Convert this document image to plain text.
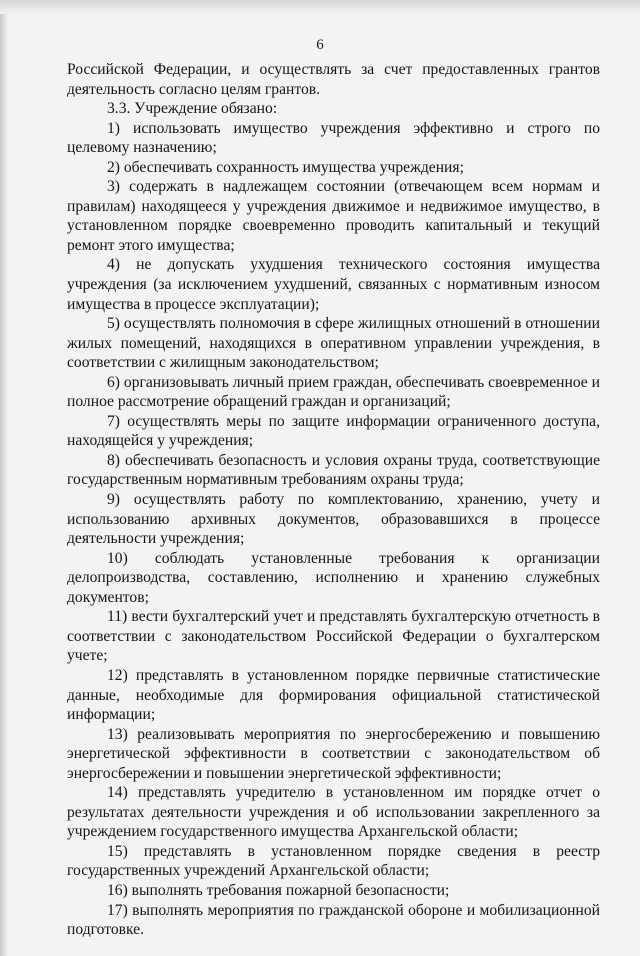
6

Российской Федерации, и осуществлять за счет предоставленных грантов деятельность согласно целям грантов.

3.3. Учреждение обязано:

1) использовать имущество учреждения эффективно и строго по целевому назначению;

2) обеспечивать сохранность имущества учреждения;

3) содержать в надлежащем состоянии (отвечающем всем нормам и правилам) находящееся у учреждения движимое и недвижимое имущество, в установленном порядке своевременно проводить капитальный и текущий ремонт этого имущества;

4) не допускать ухудшения технического состояния имущества учреждения (за исключением ухудшений, связанных с нормативным износом имущества в процессе эксплуатации);

5) осуществлять полномочия в сфере жилищных отношений в отношении жилых помещений, находящихся в оперативном управлении учреждения, в соответствии с жилищным законодательством;

6) организовывать личный прием граждан, обеспечивать своевременное и полное рассмотрение обращений граждан и организаций;

7) осуществлять меры по защите информации ограниченного доступа, находящейся у учреждения;

8) обеспечивать безопасность и условия охраны труда, соответствующие государственным нормативным требованиям охраны труда;

9) осуществлять работу по комплектованию, хранению, учету и использованию архивных документов, образовавшихся в процессе деятельности учреждения;

10) соблюдать установленные требования к организации делопроизводства, составлению, исполнению и хранению служебных документов;

11) вести бухгалтерский учет и представлять бухгалтерскую отчетность в соответствии с законодательством Российской Федерации о бухгалтерском учете;

12) представлять в установленном порядке первичные статистические данные, необходимые для формирования официальной статистической информации;

13) реализовывать мероприятия по энергосбережению и повышению энергетической эффективности в соответствии с законодательством об энергосбережении и повышении энергетической эффективности;

14) представлять учредителю в установленном им порядке отчет о результатах деятельности учреждения и об использовании закрепленного за учреждением государственного имущества Архангельской области;

15) представлять в установленном порядке сведения в реестр государственных учреждений Архангельской области;

16) выполнять требования пожарной безопасности;

17) выполнять мероприятия по гражданской обороне и мобилизационной подготовке.
